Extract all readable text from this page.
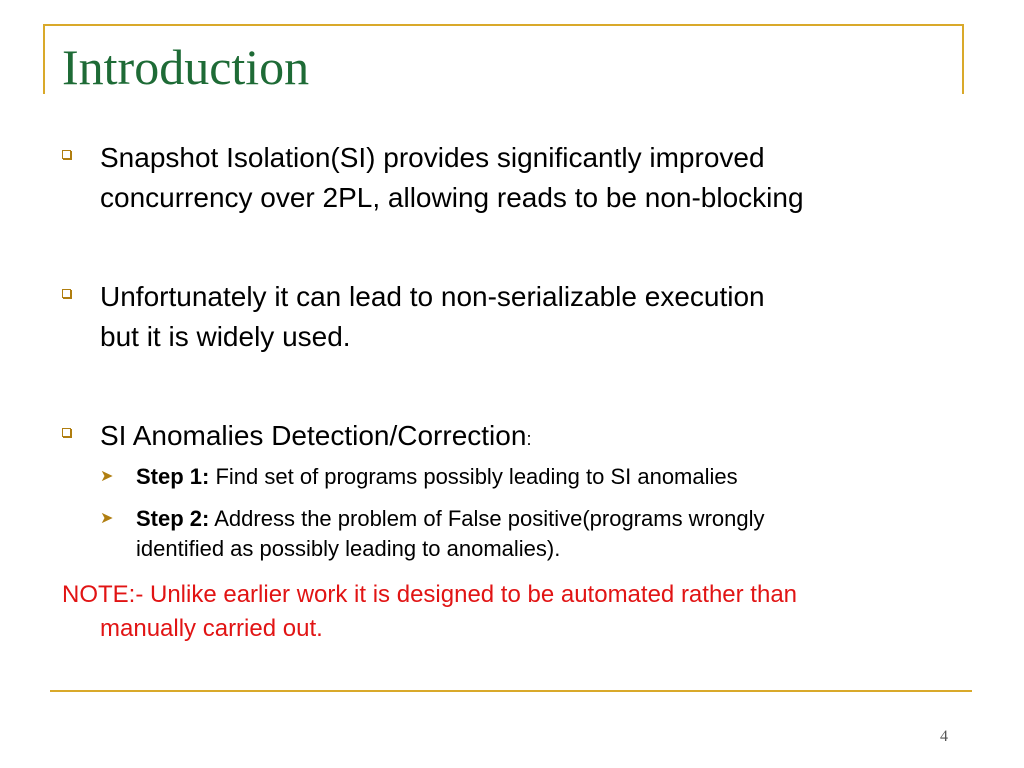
Introduction
Snapshot Isolation(SI) provides significantly improved
concurrency over 2PL, allowing reads to be non-blocking
Unfortunately it can lead to non-serializable execution
but it is widely used.
SI Anomalies Detection/Correction:
➤ Step 1: Find set of programs possibly leading to SI anomalies
➤ Step 2: Address the problem of False positive(programs wrongly
identified as possibly leading to anomalies).
NOTE:- Unlike earlier work it is designed to be automated rather than
manually carried out.
4
